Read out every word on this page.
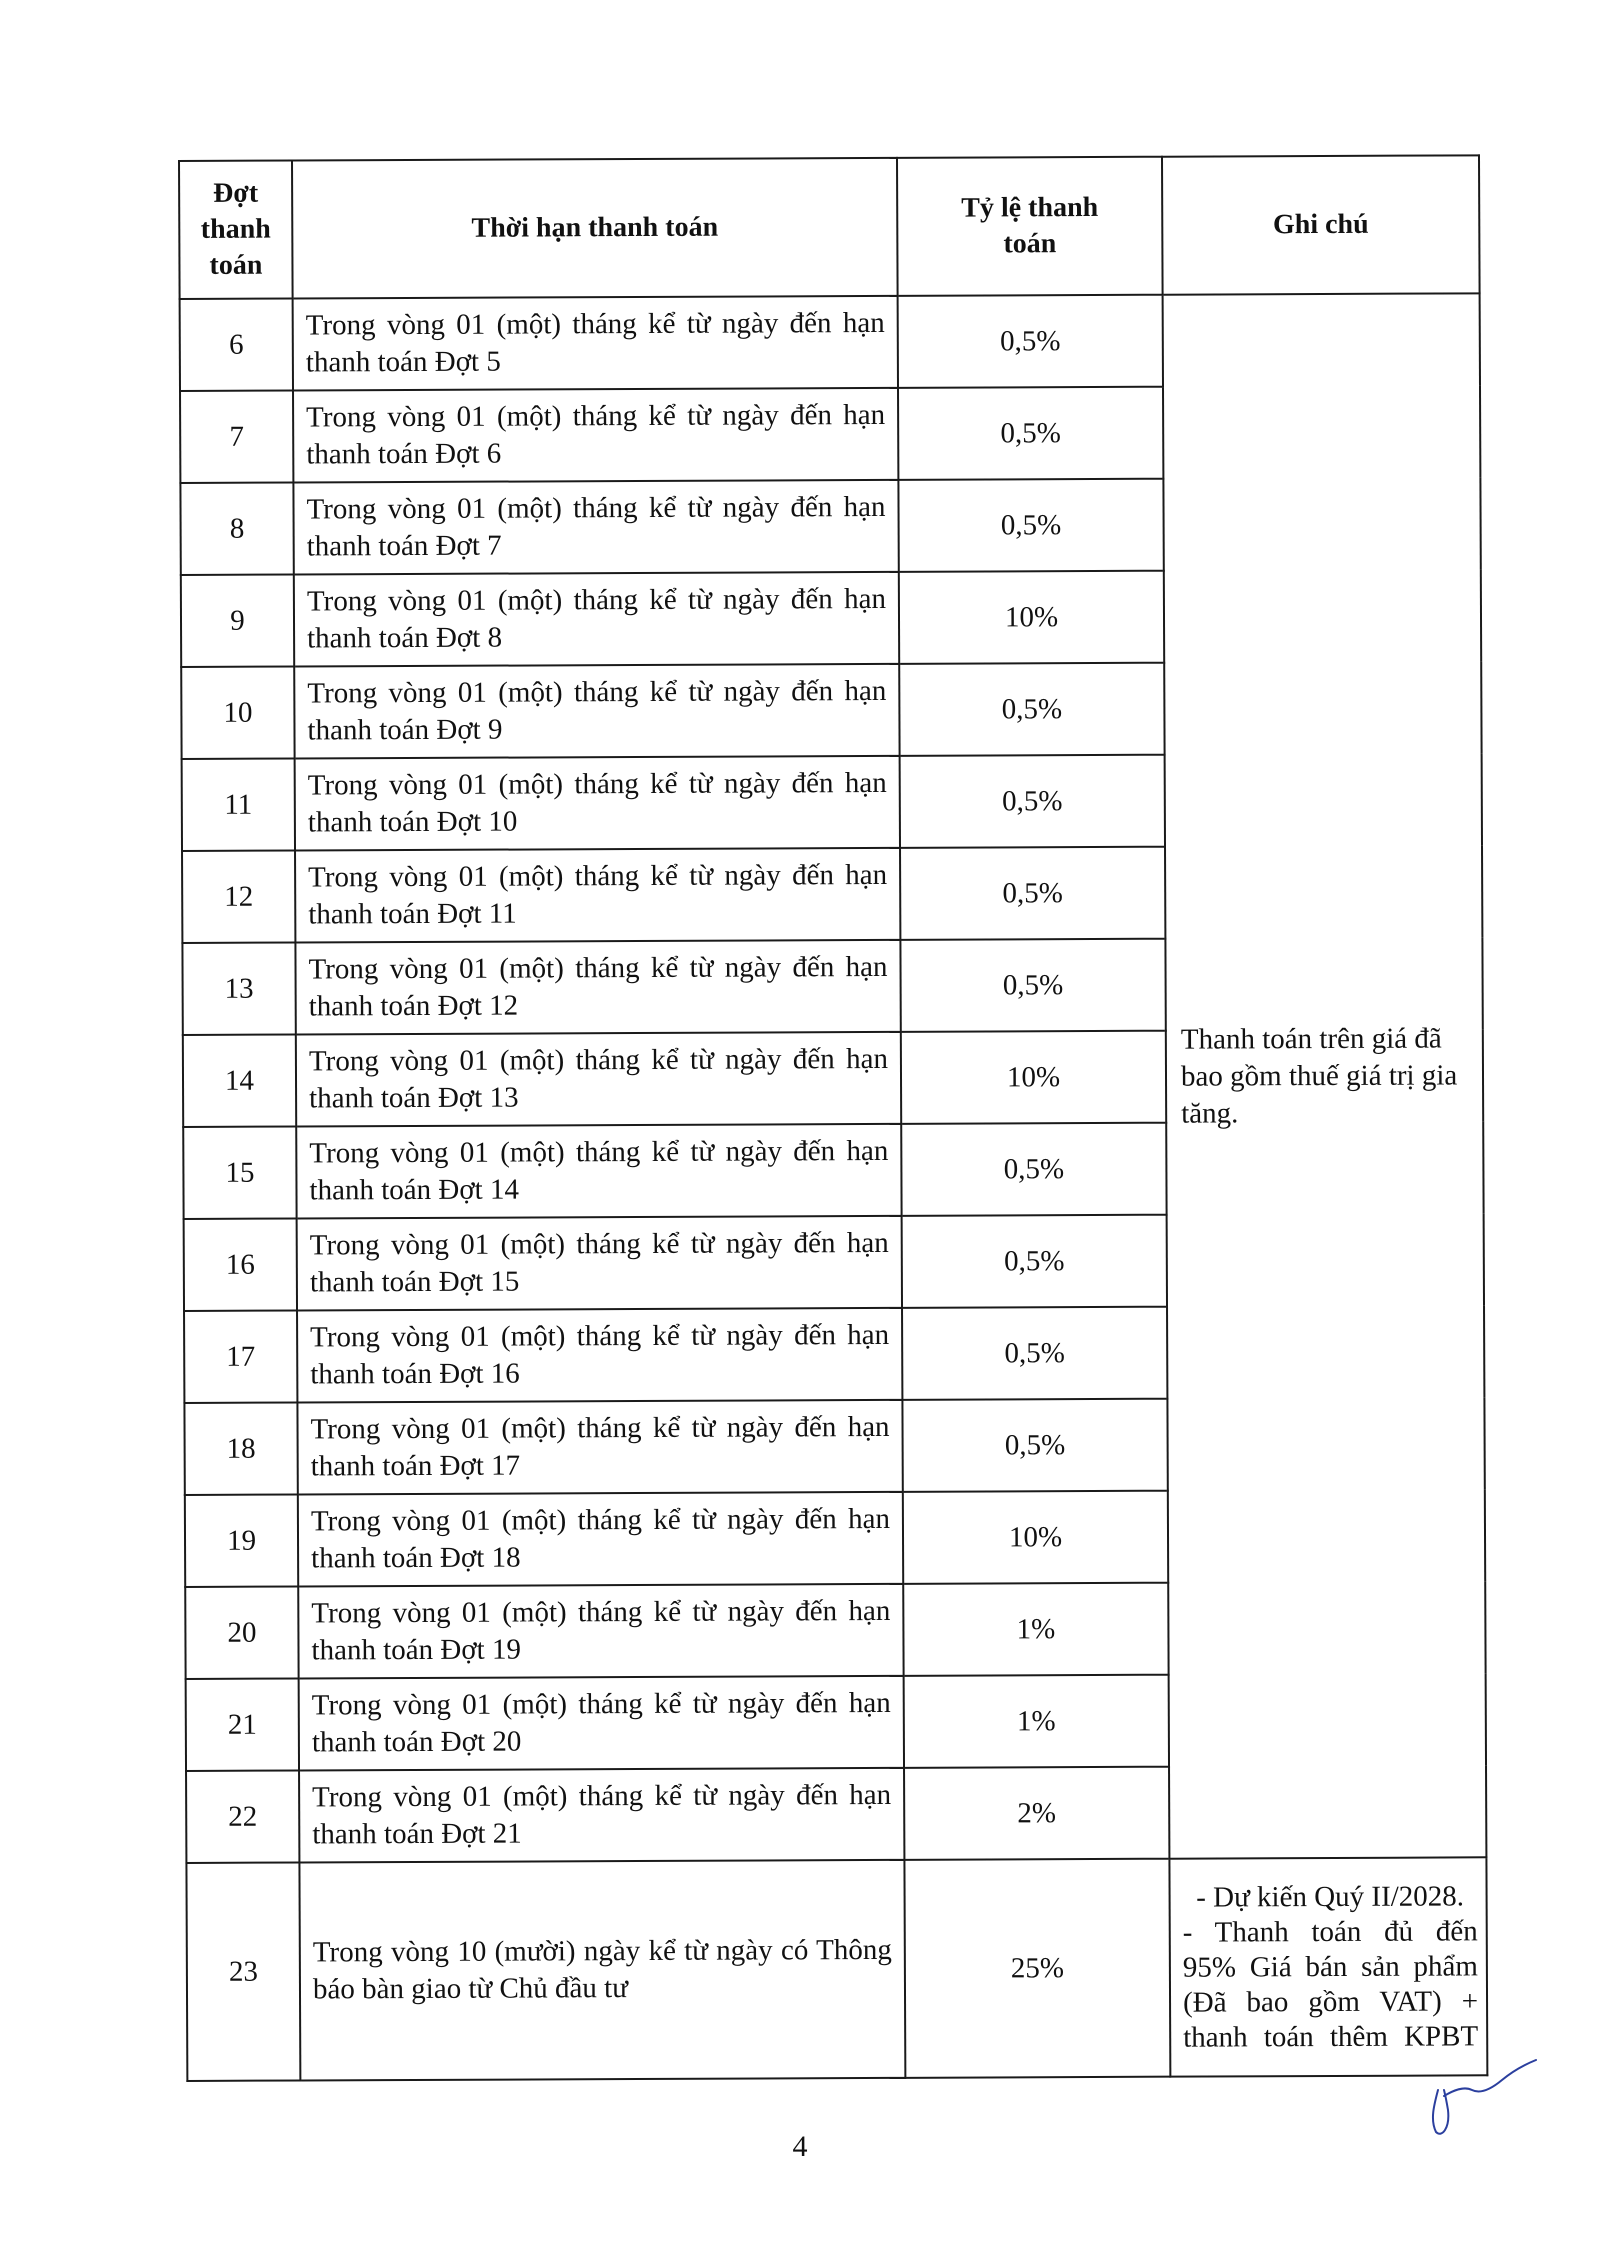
Đợt thanh toán	Thời hạn thanh toán	Tỷ lệ thanh toán	Ghi chú
6	Trong vòng 01 (một) tháng kể từ ngày đến hạn thanh toán Đợt 5	0,5%	Thanh toán trên giá đã bao gồm thuế giá trị gia tăng.
7	Trong vòng 01 (một) tháng kể từ ngày đến hạn thanh toán Đợt 6	0,5%	
8	Trong vòng 01 (một) tháng kể từ ngày đến hạn thanh toán Đợt 7	0,5%	
9	Trong vòng 01 (một) tháng kể từ ngày đến hạn thanh toán Đợt 8	10%	
10	Trong vòng 01 (một) tháng kể từ ngày đến hạn thanh toán Đợt 9	0,5%	
11	Trong vòng 01 (một) tháng kể từ ngày đến hạn thanh toán Đợt 10	0,5%	
12	Trong vòng 01 (một) tháng kể từ ngày đến hạn thanh toán Đợt 11	0,5%	
13	Trong vòng 01 (một) tháng kể từ ngày đến hạn thanh toán Đợt 12	0,5%	
14	Trong vòng 01 (một) tháng kể từ ngày đến hạn thanh toán Đợt 13	10%	
15	Trong vòng 01 (một) tháng kể từ ngày đến hạn thanh toán Đợt 14	0,5%	
16	Trong vòng 01 (một) tháng kể từ ngày đến hạn thanh toán Đợt 15	0,5%	
17	Trong vòng 01 (một) tháng kể từ ngày đến hạn thanh toán Đợt 16	0,5%	
18	Trong vòng 01 (một) tháng kể từ ngày đến hạn thanh toán Đợt 17	0,5%	
19	Trong vòng 01 (một) tháng kể từ ngày đến hạn thanh toán Đợt 18	10%	
20	Trong vòng 01 (một) tháng kể từ ngày đến hạn thanh toán Đợt 19	1%	
21	Trong vòng 01 (một) tháng kể từ ngày đến hạn thanh toán Đợt 20	1%	
22	Trong vòng 01 (một) tháng kể từ ngày đến hạn thanh toán Đợt 21	2%	
23	Trong vòng 10 (mười) ngày kể từ ngày có Thông báo bàn giao từ Chủ đầu tư	25%	- Dự kiến Quý II/2028.
- Thanh toán đủ đến
95% Giá bán sản phẩm
(Đã bao gồm VAT) +
thanh toán thêm KPBT
4
